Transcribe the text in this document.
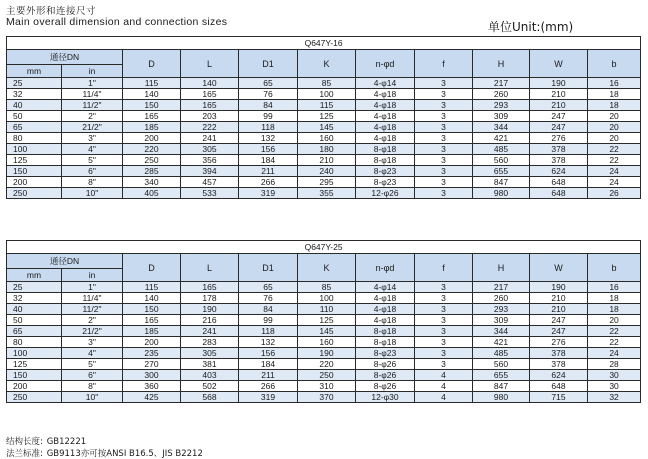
主要外形和连接尺寸
Main overall dimension and connection sizes	单位Unit:(mm)
Q647Y-16										
通径DN		D	L	D1	K	n-φd	f	H	W	b
mm	in									
25	1"	115	140	65	85	4-φ14	3	217	190	16
32	11/4"	140	165	76	100	4-φ18	3	260	210	18
40	11/2"	150	165	84	115	4-φ18	3	293	210	18
50	2"	165	203	99	125	4-φ18	3	309	247	20
65	21/2"	185	222	118	145	4-φ18	3	344	247	20
80	3"	200	241	132	160	4-φ18	3	421	276	20
100	4"	220	305	156	180	8-φ18	3	485	378	22
125	5"	250	356	184	210	8-φ18	3	560	378	22
150	6"	285	394	211	240	8-φ23	3	655	624	24
200	8"	340	457	266	295	8-φ23	3	847	648	24
250	10"	405	533	319	355	12-φ26	3	980	648	26
Q647Y-25										
通径DN		D	L	D1	K	n-φd	f	H	W	b
mm	in									
25	1"	115	165	65	85	4-φ14	3	217	190	16
32	11/4"	140	178	76	100	4-φ18	3	260	210	18
40	11/2"	150	190	84	110	4-φ18	3	293	210	18
50	2"	165	216	99	125	4-φ18	3	309	247	20
65	21/2"	185	241	118	145	8-φ18	3	344	247	22
80	3"	200	283	132	160	8-φ18	3	421	276	22
100	4"	235	305	156	190	8-φ23	3	485	378	24
125	5"	270	381	184	220	8-φ26	3	560	378	28
150	6"	300	403	211	250	8-φ26	4	655	624	30
200	8"	360	502	266	310	8-φ26	4	847	648	30
250	10"	425	568	319	370	12-φ30	4	980	715	32
结构长度: GB12221
法兰标准: GB9113亦可按ANSI B16.5、JIS B2212
